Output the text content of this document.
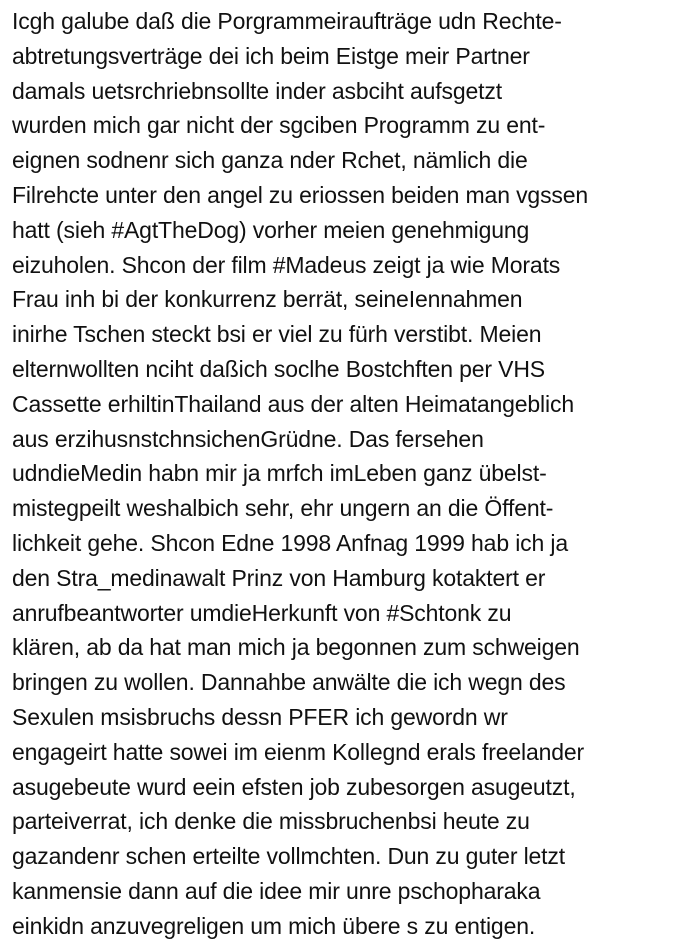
Icgh galube daß die Porgrammeiraufträge udn Rechte-
abtretungsverträge dei ich beim Eistge meir Partner
damals uetsrchriebnsollte inder asbciht aufsgetzt
wurden mich gar nicht der sgciben Programm zu ent-
eignen sodnenr sich ganza nder Rchet, nämlich die
Filrehcte unter den angel zu eriossen beiden man vgssen
hatt (sieh #AgtTheDog) vorher meien genehmigung
eizuholen. Shcon der film #Madeus zeigt ja wie Morats
Frau inh bi der konkurrenz berrät, seineIennahmen
inirhe Tschen steckt bsi er viel zu fürh verstibt. Meien
elternwollten nciht daßich soclhe Bostchften per VHS
Cassette erhiltinThailand aus der alten Heimatangeblich
aus erzihusnstchnsichenGrüdne. Das fersehen
udndieMedin habn mir ja mrfch imLeben ganz übelst-
mistegpeilt weshalbich sehr, ehr ungern an die Öffent-
lichkeit gehe. Shcon Edne 1998 Anfnag 1999 hab ich ja
den Stra_medinawalt Prinz von Hamburg kotaktert er
anrufbeantworter umdieHerkunft von #Schtonk zu
klären, ab da hat man mich ja begonnen zum schweigen
bringen zu wollen. Dannahbe anwälte die ich wegn des
Sexulen msisbruchs dessn PFER ich gewordn wr
engageirt hatte sowei im eienm Kollegnd erals freelander
asugebeute wurd eein efsten job zubesorgen asugeutzt,
parteiverrat, ich denke die missbruchenbsi heute zu
gazandenr schen erteilte vollmchten. Dun zu guter letzt
kanmensie dann auf die idee mir unre pschopharaka
einkidn anzuvegreligen um mich übere s zu entigen.
